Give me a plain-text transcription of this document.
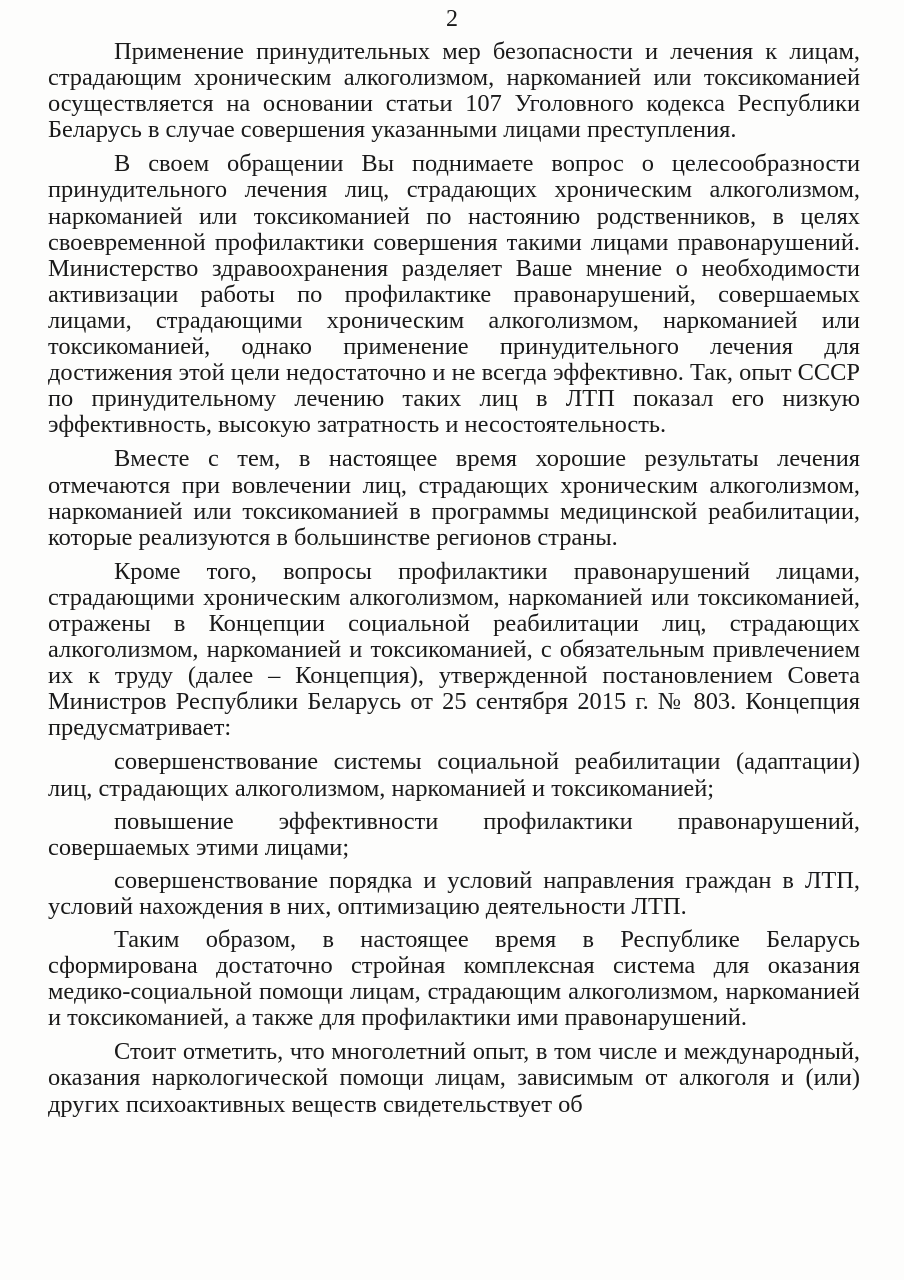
2

Применение принудительных мер безопасности и лечения к лицам, страдающим хроническим алкоголизмом, наркоманией или токсикоманией осуществляется на основании статьи 107 Уголовного кодекса Республики Беларусь в случае совершения указанными лицами преступления.

В своем обращении Вы поднимаете вопрос о целесообразности принудительного лечения лиц, страдающих хроническим алкоголизмом, наркоманией или токсикоманией по настоянию родственников, в целях своевременной профилактики совершения такими лицами правонарушений. Министерство здравоохранения разделяет Ваше мнение о необходимости активизации работы по профилактике правонарушений, совершаемых лицами, страдающими хроническим алкоголизмом, наркоманией или токсикоманией, однако применение принудительного лечения для достижения этой цели недостаточно и не всегда эффективно. Так, опыт СССР по принудительному лечению таких лиц в ЛТП показал его низкую эффективность, высокую затратность и несостоятельность.

Вместе с тем, в настоящее время хорошие результаты лечения отмечаются при вовлечении лиц, страдающих хроническим алкоголизмом, наркоманией или токсикоманией в программы медицинской реабилитации, которые реализуются в большинстве регионов страны.

Кроме того, вопросы профилактики правонарушений лицами, страдающими хроническим алкоголизмом, наркоманией или токсикоманией, отражены в Концепции социальной реабилитации лиц, страдающих алкоголизмом, наркоманией и токсикоманией, с обязательным привлечением их к труду (далее – Концепция), утвержденной постановлением Совета Министров Республики Беларусь от 25 сентября 2015 г. № 803. Концепция предусматривает:

совершенствование системы социальной реабилитации (адаптации) лиц, страдающих алкоголизмом, наркоманией и токсикоманией;

повышение эффективности профилактики правонарушений, совершаемых этими лицами;

совершенствование порядка и условий направления граждан в ЛТП, условий нахождения в них, оптимизацию деятельности ЛТП.

Таким образом, в настоящее время в Республике Беларусь сформирована достаточно стройная комплексная система для оказания медико-социальной помощи лицам, страдающим алкоголизмом, наркоманией и токсикоманией, а также для профилактики ими правонарушений.

Стоит отметить, что многолетний опыт, в том числе и международный, оказания наркологической помощи лицам, зависимым от алкоголя и (или) других психоактивных веществ свидетельствует об
